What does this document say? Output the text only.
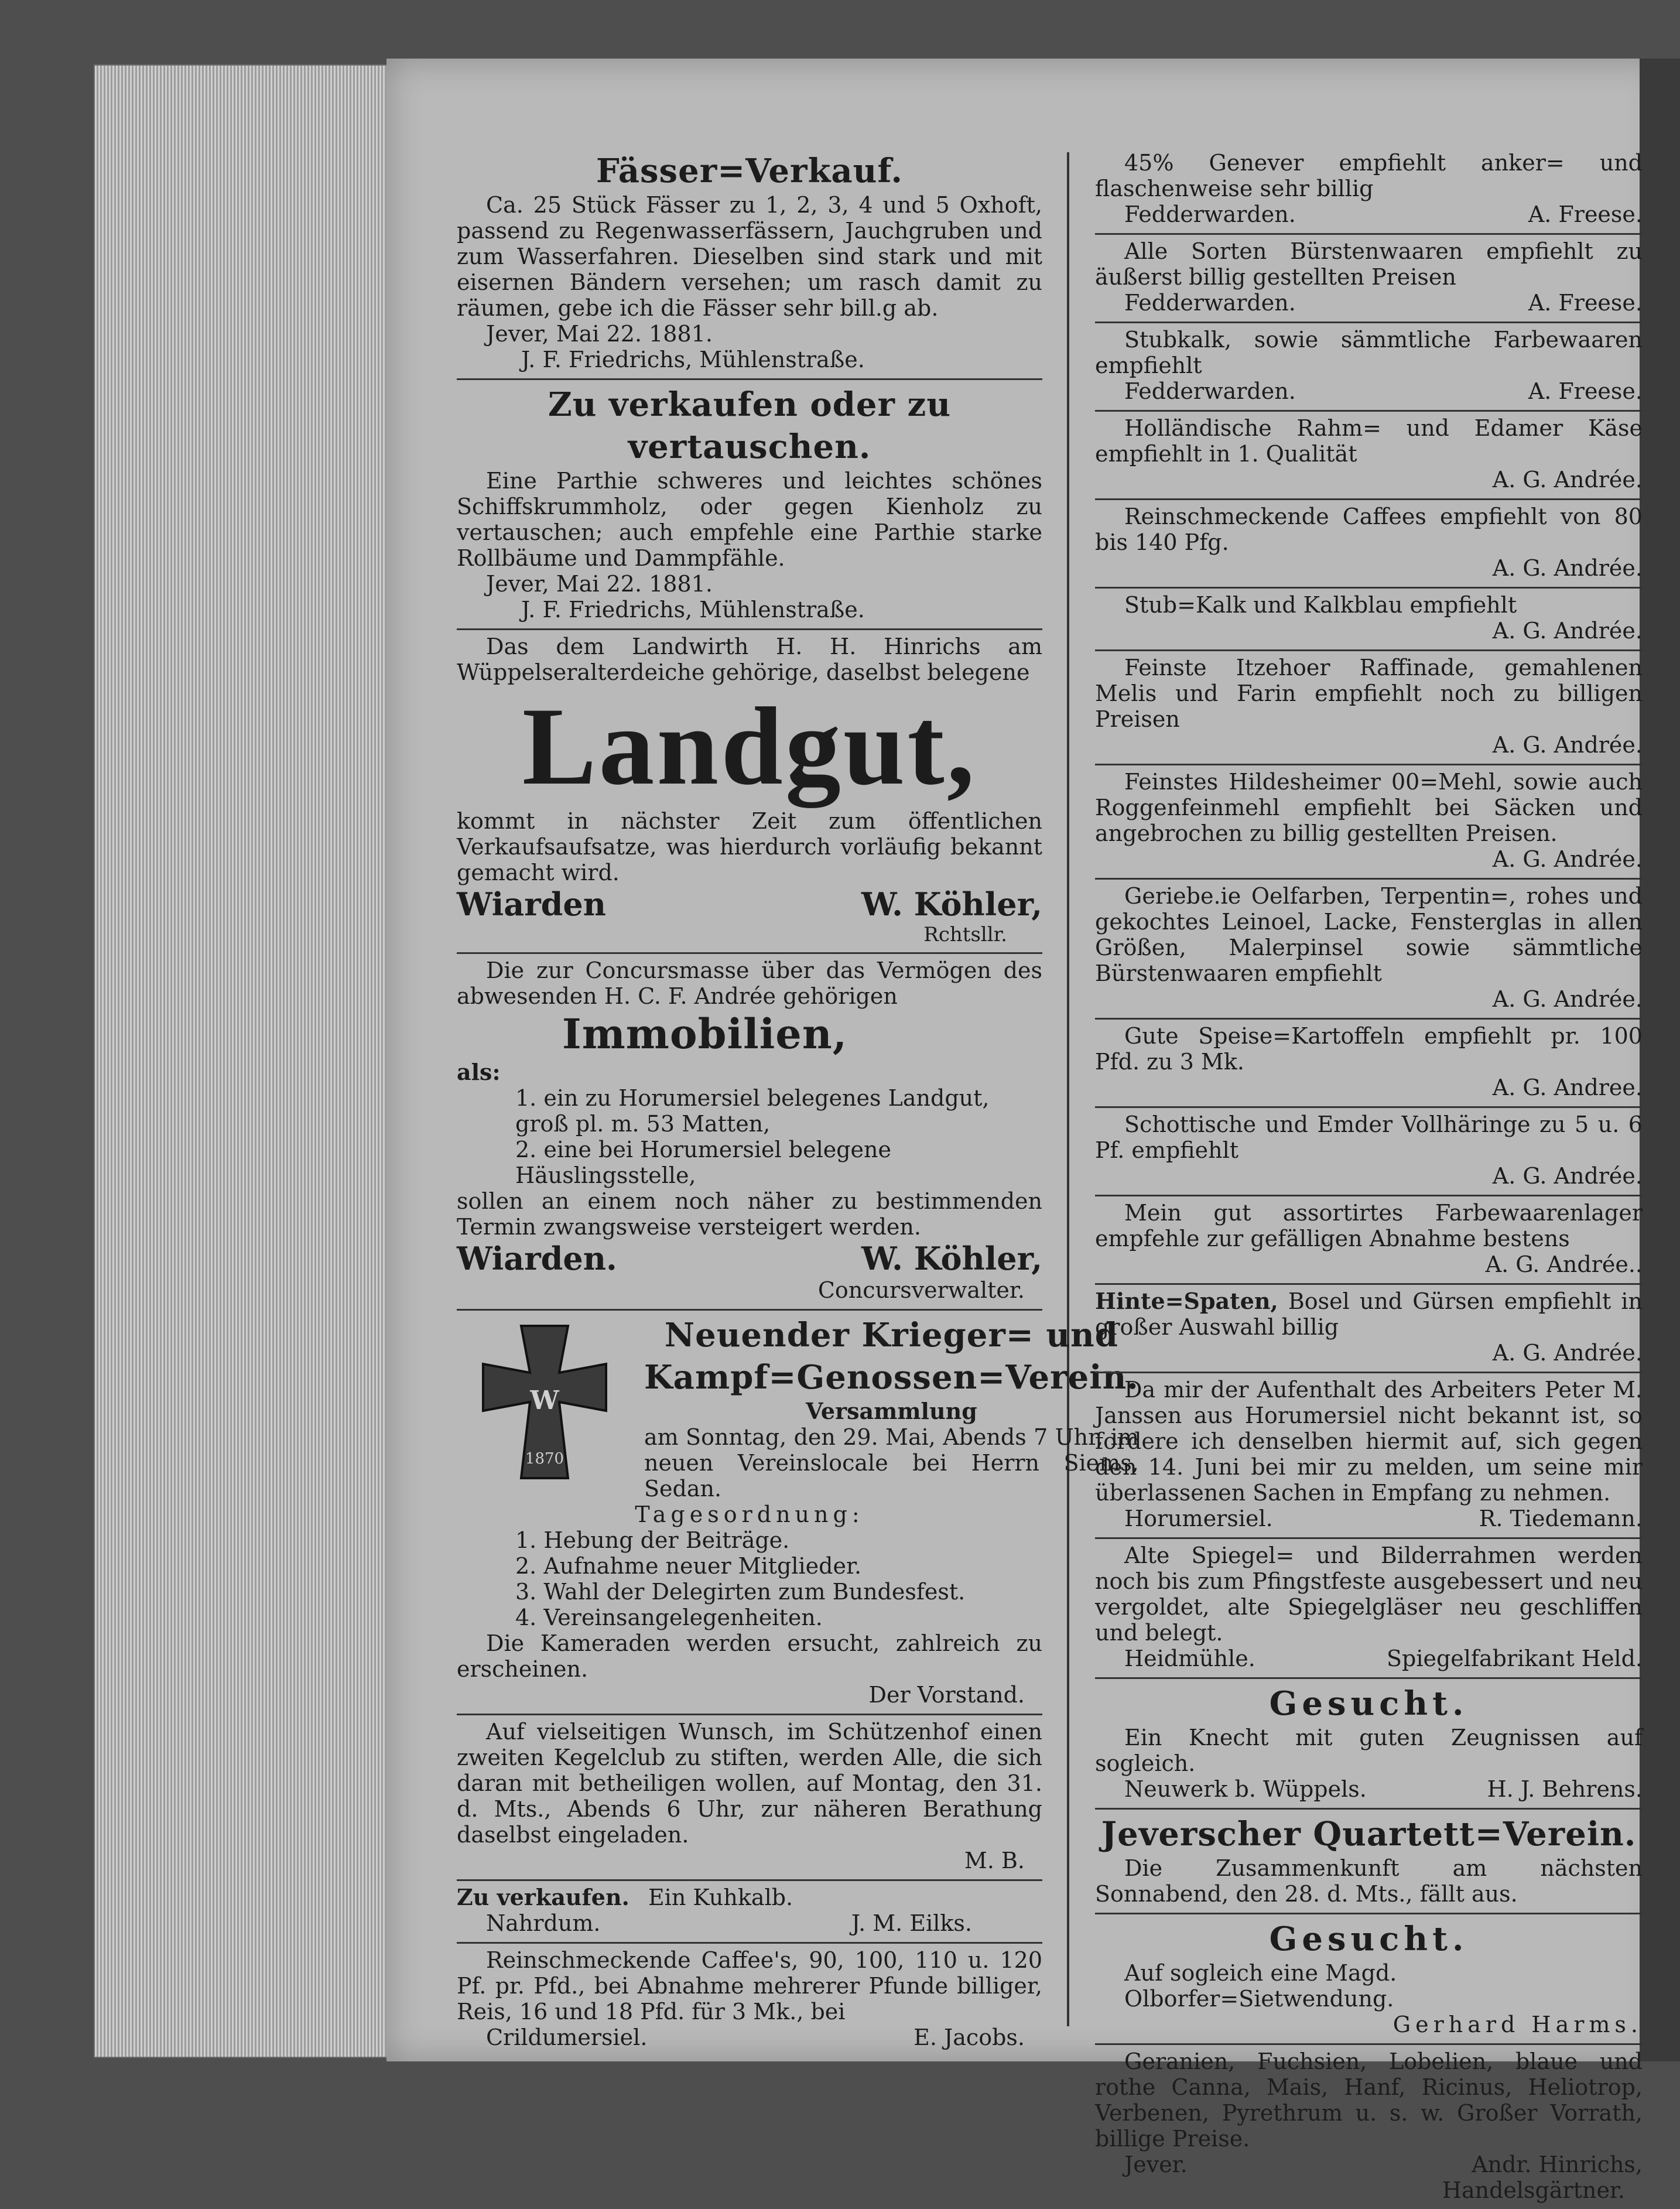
Fässer=Verkauf.
Ca. 25 Stück Fässer zu 1, 2, 3, 4 und 5 Oxhoft, passend zu Regenwasserfässern, Jauchgruben und zum Wasserfahren. Dieselben sind stark und mit eisernen Bändern versehen; um rasch damit zu räumen, gebe ich die Fässer sehr bill.g ab.
Jever, Mai 22. 1881.
J. F. Friedrichs, Mühlenstraße.
Zu verkaufen oder zu vertauschen.
Eine Parthie schweres und leichtes schönes Schiffskrummholz, oder gegen Kienholz zu vertauschen; auch empfehle eine Parthie starke Rollbäume und Dammpfähle.
Jever, Mai 22. 1881.
J. F. Friedrichs, Mühlenstraße.
Das dem Landwirth H. H. Hinrichs am Wüppelseralterdeiche gehörige, daselbst belegene
Landgut,
kommt in nächster Zeit zum öffentlichen Verkaufsaufsatze, was hierdurch vorläufig bekannt gemacht wird.
Wiarden	W. Köhler,
Rchtsllr.
Die zur Concursmasse über das Vermögen des abwesenden H. C. F. Andrée gehörigen
Immobilien,
als:
1. ein zu Horumersiel belegenes Landgut, groß pl. m. 53 Matten,
2. eine bei Horumersiel belegene Häuslingsstelle,
sollen an einem noch näher zu bestimmenden Termin zwangsweise versteigert werden.
Wiarden.	W. Köhler,
Concursverwalter.
W
1870
Neuender Krieger= und
Kampf=Genossen=Verein.
Versammlung
am Sonntag, den 29. Mai, Abends 7 Uhr, im neuen Vereinslocale bei Herrn Siems, Sedan.
Tagesordnung:
1. Hebung der Beiträge.
2. Aufnahme neuer Mitglieder.
3. Wahl der Delegirten zum Bundesfest.
4. Vereinsangelegenheiten.
Die Kameraden werden ersucht, zahlreich zu erscheinen.
Der Vorstand.
Auf vielseitigen Wunsch, im Schützenhof einen zweiten Kegelclub zu stiften, werden Alle, die sich daran mit betheiligen wollen, auf Montag, den 31. d. Mts., Abends 6 Uhr, zur näheren Berathung daselbst eingeladen.
M. B.
Zu verkaufen. Ein Kuhkalb.
Nahrdum.	J. M. Eilks.
Reinschmeckende Caffee's, 90, 100, 110 u. 120 Pf. pr. Pfd., bei Abnahme mehrerer Pfunde billiger, Reis, 16 und 18 Pfd. für 3 Mk., bei
Crildumersiel.	E. Jacobs.
45% Genever empfiehlt anker= und flaschenweise sehr billig
Fedderwarden.	A. Freese.
Alle Sorten Bürstenwaaren empfiehlt zu äußerst billig gestellten Preisen
Fedderwarden.	A. Freese.
Stubkalk, sowie sämmtliche Farbewaaren empfiehlt
Fedderwarden.	A. Freese.
Holländische Rahm= und Edamer Käse empfiehlt in 1. Qualität
A. G. Andrée.
Reinschmeckende Caffees empfiehlt von 80 bis 140 Pfg.
A. G. Andrée.
Stub=Kalk und Kalkblau empfiehlt
A. G. Andrée.
Feinste Itzehoer Raffinade, gemahlenen Melis und Farin empfiehlt noch zu billigen Preisen
A. G. Andrée.
Feinstes Hildesheimer 00=Mehl, sowie auch Roggenfeinmehl empfiehlt bei Säcken und angebrochen zu billig gestellten Preisen.
A. G. Andrée.
Geriebe.ie Oelfarben, Terpentin=, rohes und gekochtes Leinoel, Lacke, Fensterglas in allen Größen, Malerpinsel sowie sämmtliche Bürstenwaaren empfiehlt
A. G. Andrée.
Gute Speise=Kartoffeln empfiehlt pr. 100 Pfd. zu 3 Mk.
A. G. Andree.
Schottische und Emder Vollhäringe zu 5 u. 6 Pf. empfiehlt
A. G. Andrée.
Mein gut assortirtes Farbewaarenlager empfehle zur gefälligen Abnahme bestens
A. G. Andrée..
Hinte=Spaten, Bosel und Gürsen empfiehlt in großer Auswahl billig
A. G. Andrée.
Da mir der Aufenthalt des Arbeiters Peter M. Janssen aus Horumersiel nicht bekannt ist, so fordere ich denselben hiermit auf, sich gegen den 14. Juni bei mir zu melden, um seine mir überlassenen Sachen in Empfang zu nehmen.
Horumersiel.	R. Tiedemann.
Alte Spiegel= und Bilderrahmen werden noch bis zum Pfingstfeste ausgebessert und neu vergoldet, alte Spiegelgläser neu geschliffen und belegt.
Heidmühle.	Spiegelfabrikant Held.
Gesucht.
Ein Knecht mit guten Zeugnissen auf sogleich.
Neuwerk b. Wüppels.	H. J. Behrens.
Jeverscher Quartett=Verein.
Die Zusammenkunft am nächsten Sonnabend, den 28. d. Mts., fällt aus.
Gesucht.
Auf sogleich eine Magd.
Olborfer=Sietwendung.
Gerhard Harms.
Geranien, Fuchsien, Lobelien, blaue und rothe Canna, Mais, Hanf, Ricinus, Heliotrop, Verbenen, Pyrethrum u. s. w. Großer Vorrath, billige Preise.
Jever.	Andr. Hinrichs,
Handelsgärtner.
